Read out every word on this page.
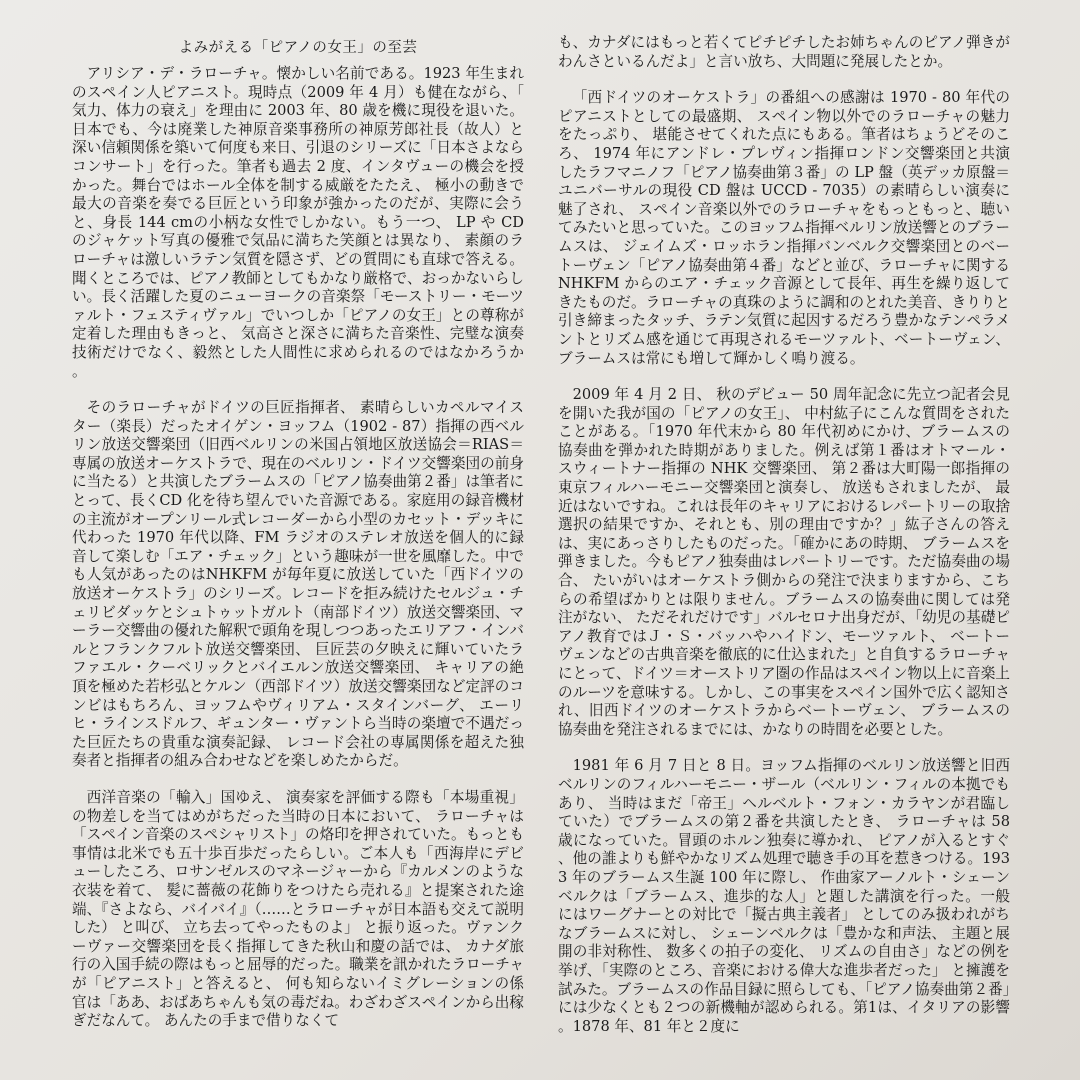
よみがえる「ピアノの女王」の至芸

アリシア・デ・ラローチャ。懐かしい名前である。1923 年生まれのスペイン人ピアニスト。現時点（2009 年 4 月）も健在ながら、「気力、体力の衰え」を理由に 2003 年、80 歳を機に現役を退いた。日本でも、今は廃業した神原音楽事務所の神原芳郎社長（故人）と深い信頼関係を築いて何度も来日、引退のシリーズに「日本さよならコンサート」を行った。筆者も過去 2 度、インタヴューの機会を授かった。舞台ではホール全体を制する威厳をたたえ、 極小の動きで最大の音楽を奏でる巨匠という印象が強かったのだが、実際に会うと、身長 144 cmの小柄な女性でしかない。もう一つ、 LP や CD のジャケット写真の優雅で気品に満ちた笑顔とは異なり、 素顔のラローチャは激しいラテン気質を隠さず、どの質問にも直球で答える。聞くところでは、ピアノ教師としてもかなり厳格で、おっかないらしい。長く活躍した夏のニューヨークの音楽祭「モーストリー・モーツァルト・フェスティヴァル」でいつしか「ピアノの女王」との尊称が定着した理由もきっと、 気高さと深さに満ちた音楽性、完璧な演奏技術だけでなく、毅然とした人間性に求められるのではなかろうか。

そのラローチャがドイツの巨匠指揮者、 素晴らしいカペルマイスター（楽長）だったオイゲン・ヨッフム（1902 - 87）指揮の西ベルリン放送交響楽団（旧西ベルリンの米国占領地区放送協会＝RIAS＝専属の放送オーケストラで、現在のベルリン・ドイツ交響楽団の前身に当たる）と共演したブラームスの「ピアノ協奏曲第２番」は筆者にとって、長くCD 化を待ち望んでいた音源である。家庭用の録音機材の主流がオープンリール式レコーダーから小型のカセット・デッキに代わった 1970 年代以降、FM ラジオのステレオ放送を個人的に録音して楽しむ「エア・チェック」という趣味が一世を風靡した。中でも人気があったのはNHKFM が毎年夏に放送していた「西ドイツの放送オーケストラ」のシリーズ。レコードを拒み続けたセルジュ・チェリビダッケとシュトゥットガルト（南部ドイツ）放送交響楽団、マーラー交響曲の優れた解釈で頭角を現しつつあったエリアフ・インバルとフランクフルト放送交響楽団、 巨匠芸の夕映えに輝いていたラファエル・クーベリックとバイエルン放送交響楽団、 キャリアの絶頂を極めた若杉弘とケルン（西部ドイツ）放送交響楽団など定評のコンビはもちろん、ヨッフムやヴィリアム・スタインバーグ、 エーリヒ・ラインスドルフ、ギュンター・ヴァントら当時の楽壇で不遇だった巨匠たちの貴重な演奏記録、 レコード会社の専属関係を超えた独奏者と指揮者の組み合わせなどを楽しめたからだ。

西洋音楽の「輸入」国ゆえ、 演奏家を評価する際も「本場重視」の物差しを当てはめがちだった当時の日本において、 ラローチャは「スペイン音楽のスペシャリスト」の烙印を押されていた。もっとも事情は北米でも五十歩百歩だったらしい。ご本人も「西海岸にデビューしたころ、ロサンゼルスのマネージャーから『カルメンのような衣装を着て、 髪に薔薇の花飾りをつけたら売れる』と提案された途端、『さよなら、バイバイ』（……とラローチャが日本語も交えて説明した） と叫び、 立ち去ってやったものよ」 と振り返った。ヴァンクーヴァー交響楽団を長く指揮してきた秋山和慶の話では、 カナダ旅行の入国手続の際はもっと屈辱的だった。職業を訊かれたラローチャが「ピアニスト」と答えると、 何も知らないイミグレーションの係官は「ああ、おばあちゃんも気の毒だね。わざわざスペインから出稼ぎだなんて。 あんたの手まで借りなくて

も、カナダにはもっと若くてピチピチしたお姉ちゃんのピアノ弾きがわんさといるんだよ」と言い放ち、大問題に発展したとか。

「西ドイツのオーケストラ」の番組への感謝は 1970 - 80 年代のピアニストとしての最盛期、 スペイン物以外でのラローチャの魅力をたっぷり、 堪能させてくれた点にもある。筆者はちょうどそのころ、 1974 年にアンドレ・プレヴィン指揮ロンドン交響楽団と共演したラフマニノフ「ピアノ協奏曲第３番」の LP 盤（英デッカ原盤＝ユニバーサルの現役 CD 盤は UCCD - 7035）の素晴らしい演奏に魅了され、 スペイン音楽以外でのラローチャをもっともっと、聴いてみたいと思っていた。このヨッフム指揮ベルリン放送響とのブラームスは、 ジェイムズ・ロッホラン指揮バンベルク交響楽団とのベートーヴェン「ピアノ協奏曲第４番」などと並び、ラローチャに関する NHKFM からのエア・チェック音源として長年、再生を繰り返してきたものだ。ラローチャの真珠のように調和のとれた美音、きりりと引き締まったタッチ、ラテン気質に起因するだろう豊かなテンペラメントとリズム感を通じて再現されるモーツァルト、ベートーヴェン、ブラームスは常にも増して輝かしく鳴り渡る。

2009 年 4 月 2 日、 秋のデビュー 50 周年記念に先立つ記者会見を開いた我が国の「ピアノの女王」、 中村紘子にこんな質問をされたことがある。「1970 年代末から 80 年代初めにかけ、ブラームスの協奏曲を弾かれた時期がありました。例えば第１番はオトマール・スウィートナー指揮の NHK 交響楽団、 第２番は大町陽一郎指揮の東京フィルハーモニー交響楽団と演奏し、 放送もされましたが、 最近はないですね。これは長年のキャリアにおけるレパートリーの取捨選択の結果ですか、それとも、別の理由ですか？」紘子さんの答えは、実にあっさりしたものだった。「確かにあの時期、 ブラームスを弾きました。今もピアノ独奏曲はレパートリーです。ただ協奏曲の場合、 たいがいはオーケストラ側からの発注で決まりますから、こちらの希望ばかりとは限りません。ブラームスの協奏曲に関しては発注がない、 ただそれだけです」バルセロナ出身だが、「幼児の基礎ピアノ教育ではＪ・Ｓ・バッハやハイドン、モーツァルト、 ベートーヴェンなどの古典音楽を徹底的に仕込まれた」と自負するラローチャにとって、ドイツ＝オーストリア圏の作品はスペイン物以上に音楽上のルーツを意味する。しかし、この事実をスペイン国外で広く認知され、旧西ドイツのオーケストラからベートーヴェン、 ブラームスの協奏曲を発注されるまでには、かなりの時間を必要とした。

1981 年 6 月 7 日と 8 日。ヨッフム指揮のベルリン放送響と旧西ベルリンのフィルハーモニー・ザール（ベルリン・フィルの本拠でもあり、 当時はまだ「帝王」ヘルベルト・フォン・カラヤンが君臨していた）でブラームスの第２番を共演したとき、 ラローチャは 58 歳になっていた。冒頭のホルン独奏に導かれ、 ピアノが入るとすぐ、他の誰よりも鮮やかなリズム処理で聴き手の耳を惹きつける。1933 年のブラームス生誕 100 年に際し、 作曲家アーノルト・シェーンベルクは「ブラームス、進歩的な人」と題した講演を行った。一般にはワーグナーとの対比で「擬古典主義者」 としてのみ扱われがちなブラームスに対し、 シェーンベルクは「豊かな和声法、 主題と展開の非対称性、 数多くの拍子の変化、 リズムの自由さ」などの例を挙げ、「実際のところ、音楽における偉大な進歩者だった」 と擁護を試みた。ブラームスの作品目録に照らしても、「ピアノ協奏曲第２番」には少なくとも２つの新機軸が認められる。第1は、イタリアの影響。1878 年、81 年と２度に
